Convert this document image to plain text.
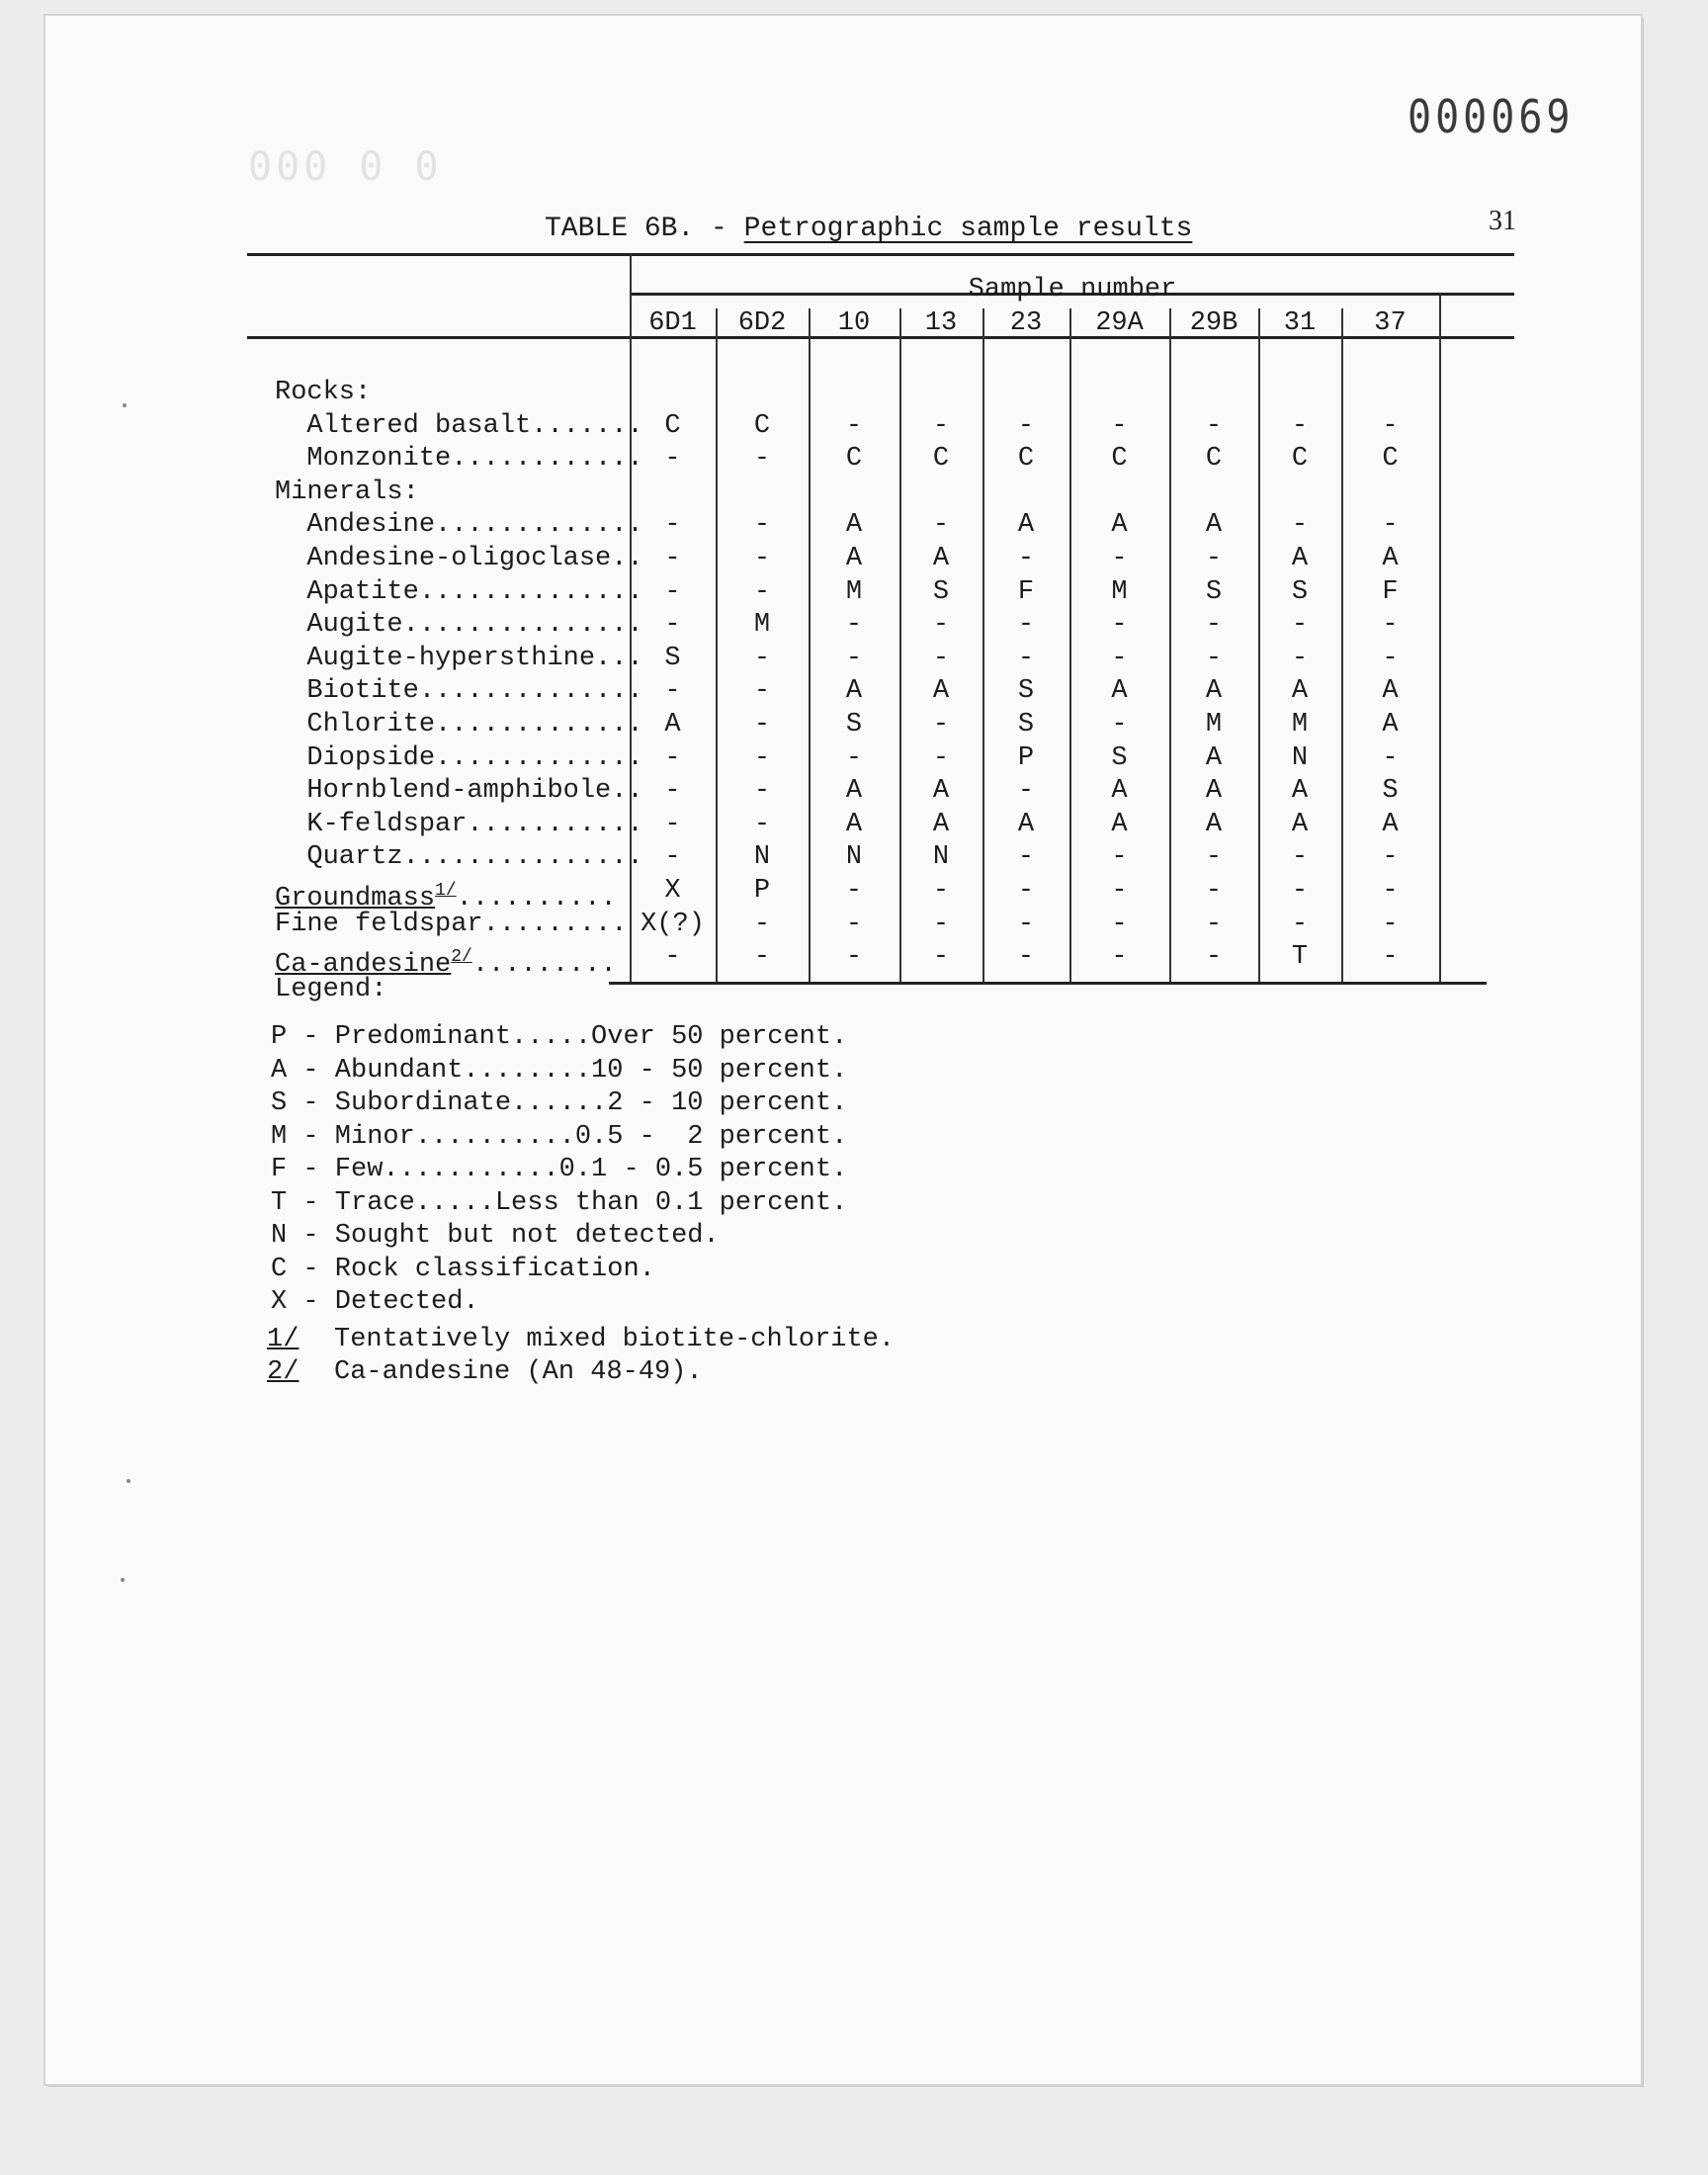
000 0 0
000069
31
TABLE 6B. - Petrographic sample results
Sample number
6D1	6D2	10	13	23	29A	29B	31	37
Rocks:
Altered basalt....... C	C	-	-	-	-	-	-	-
Monzonite............ -	-	C	C	C	C	C	C	C
Minerals:
Andesine............. -	-	A	-	A	A	A	-	-
Andesine-oligoclase.. -	-	A	A	-	-	-	A	A
Apatite.............. -	-	M	S	F	M	S	S	F
Augite............... -	M	-	-	-	-	-	-	-
Augite-hypersthine... S	-	-	-	-	-	-	-	-
Biotite.............. -	-	A	A	S	A	A	A	A
Chlorite............. A	-	S	-	S	-	M	M	A
Diopside............. -	-	-	-	P	S	A	N	-
Hornblend-amphibole.. -	-	A	A	-	A	A	A	S
K-feldspar........... -	-	A	A	A	A	A	A	A
Quartz............... -	N	N	N	-	-	-	-	-
Groundmass$^{1/}$..........	X	P	-	-	-	-	-	-	-
Fine feldspar......... X(?)	-	-	-	-	-	-	-	-
Ca-andesine$^{2/}$.........	-	-	-	-	-	-	-	T	-
Legend:
P - Predominant.....Over 50 percent.
A - Abundant........10 - 50 percent.
S - Subordinate......2 - 10 percent.
M - Minor..........0.5 -  2 percent.
F - Few...........0.1 - 0.5 percent.
T - Trace.....Less than 0.1 percent.
N - Sought but not detected.
C - Rock classification.
X - Detected.
1/ Tentatively mixed biotite-chlorite.
2/ Ca-andesine (An 48-49).
